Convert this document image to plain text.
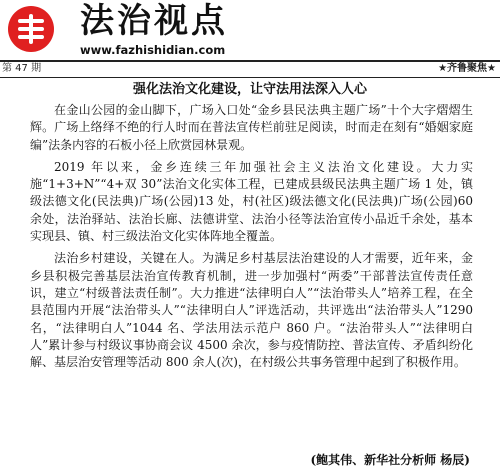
法治视点
www.fazhishidian.com
第 47 期	★齐鲁聚焦★
强化法治文化建设，让守法用法深入人心

在金山公园的金山脚下，广场入口处“金乡县民法典主题广场”十个大字熠熠生辉。广场上络绎不绝的行人时而在普法宣传栏前驻足阅读，时而走在刻有“婚姻家庭编”法条内容的石板小径上欣赏园林景观。

2019 年以来，金乡连续三年加强社会主义法治文化建设。大力实施“1+3+N”“4+双 30”法治文化实体工程，已建成县级民法典主题广场 1 处，镇级法德文化(民法典)广场(公园)13 处，村(社区)级法德文化(民法典)广场(公园)60 余处，法治驿站、法治长廊、法德讲堂、法治小径等法治宣传小品近千余处，基本实现县、镇、村三级法治文化实体阵地全覆盖。

法治乡村建设，关键在人。为满足乡村基层法治建设的人才需要，近年来，金乡县积极完善基层法治宣传教育机制，进一步加强村“两委”干部普法宣传责任意识，建立“村级普法责任制”。大力推进“法律明白人”“法治带头人”培养工程，在全县范围内开展“法治带头人”“法律明白人”评选活动，共评选出“法治带头人”1290 名，“法律明白人”1044 名、学法用法示范户 860 户。“法治带头人”“法律明白人”累计参与村级议事协商会议 4500 余次，参与疫情防控、普法宣传、矛盾纠纷化解、基层治安管理等活动 800 余人(次)，在村级公共事务管理中起到了积极作用。

(鲍其伟、新华社分析师 杨辰)
